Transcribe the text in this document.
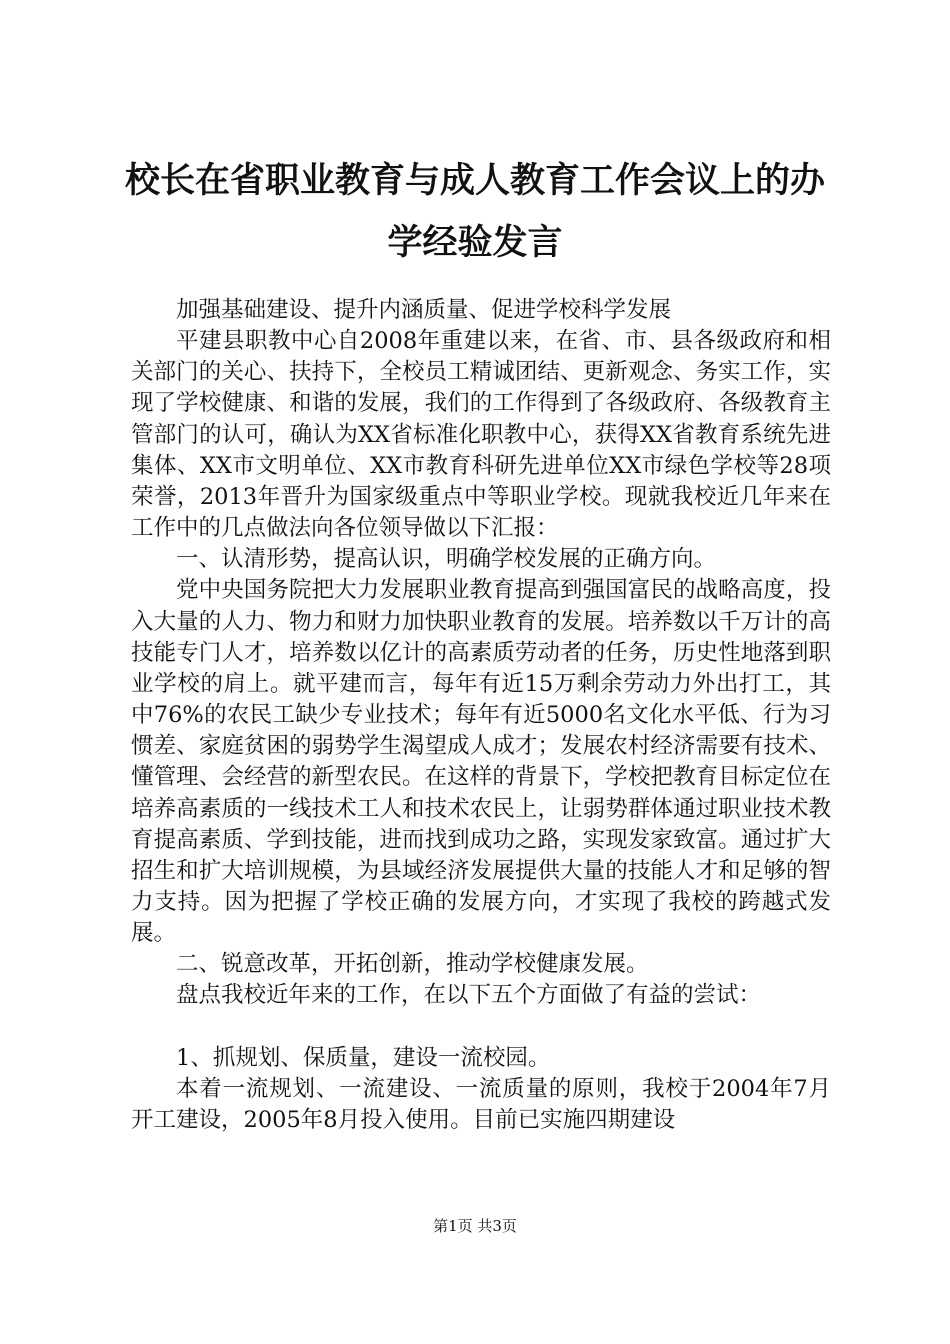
校长在省职业教育与成人教育工作会议上的办学经验发言

加强基础建设、提升内涵质量、促进学校科学发展

平建县职教中心自2008年重建以来，在省、市、县各级政府和相关部门的关心、扶持下，全校员工精诚团结、更新观念、务实工作，实现了学校健康、和谐的发展，我们的工作得到了各级政府、各级教育主管部门的认可，确认为XX省标准化职教中心，获得XX省教育系统先进集体、XX市文明单位、XX市教育科研先进单位XX市绿色学校等28项荣誉，2013年晋升为国家级重点中等职业学校。现就我校近几年来在工作中的几点做法向各位领导做以下汇报：

一、认清形势，提高认识，明确学校发展的正确方向。

党中央国务院把大力发展职业教育提高到强国富民的战略高度，投入大量的人力、物力和财力加快职业教育的发展。培养数以千万计的高技能专门人才，培养数以亿计的高素质劳动者的任务，历史性地落到职业学校的肩上。就平建而言，每年有近15万剩余劳动力外出打工，其中76%的农民工缺少专业技术；每年有近5000名文化水平低、行为习惯差、家庭贫困的弱势学生渴望成人成才；发展农村经济需要有技术、懂管理、会经营的新型农民。在这样的背景下，学校把教育目标定位在培养高素质的一线技术工人和技术农民上，让弱势群体通过职业技术教育提高素质、学到技能，进而找到成功之路，实现发家致富。通过扩大招生和扩大培训规模，为县域经济发展提供大量的技能人才和足够的智力支持。因为把握了学校正确的发展方向，才实现了我校的跨越式发展。

二、锐意改革，开拓创新，推动学校健康发展。

盘点我校近年来的工作，在以下五个方面做了有益的尝试：

1、抓规划、保质量，建设一流校园。

本着一流规划、一流建设、一流质量的原则，我校于2004年7月开工建设，2005年8月投入使用。目前已实施四期建设

第1页 共3页
